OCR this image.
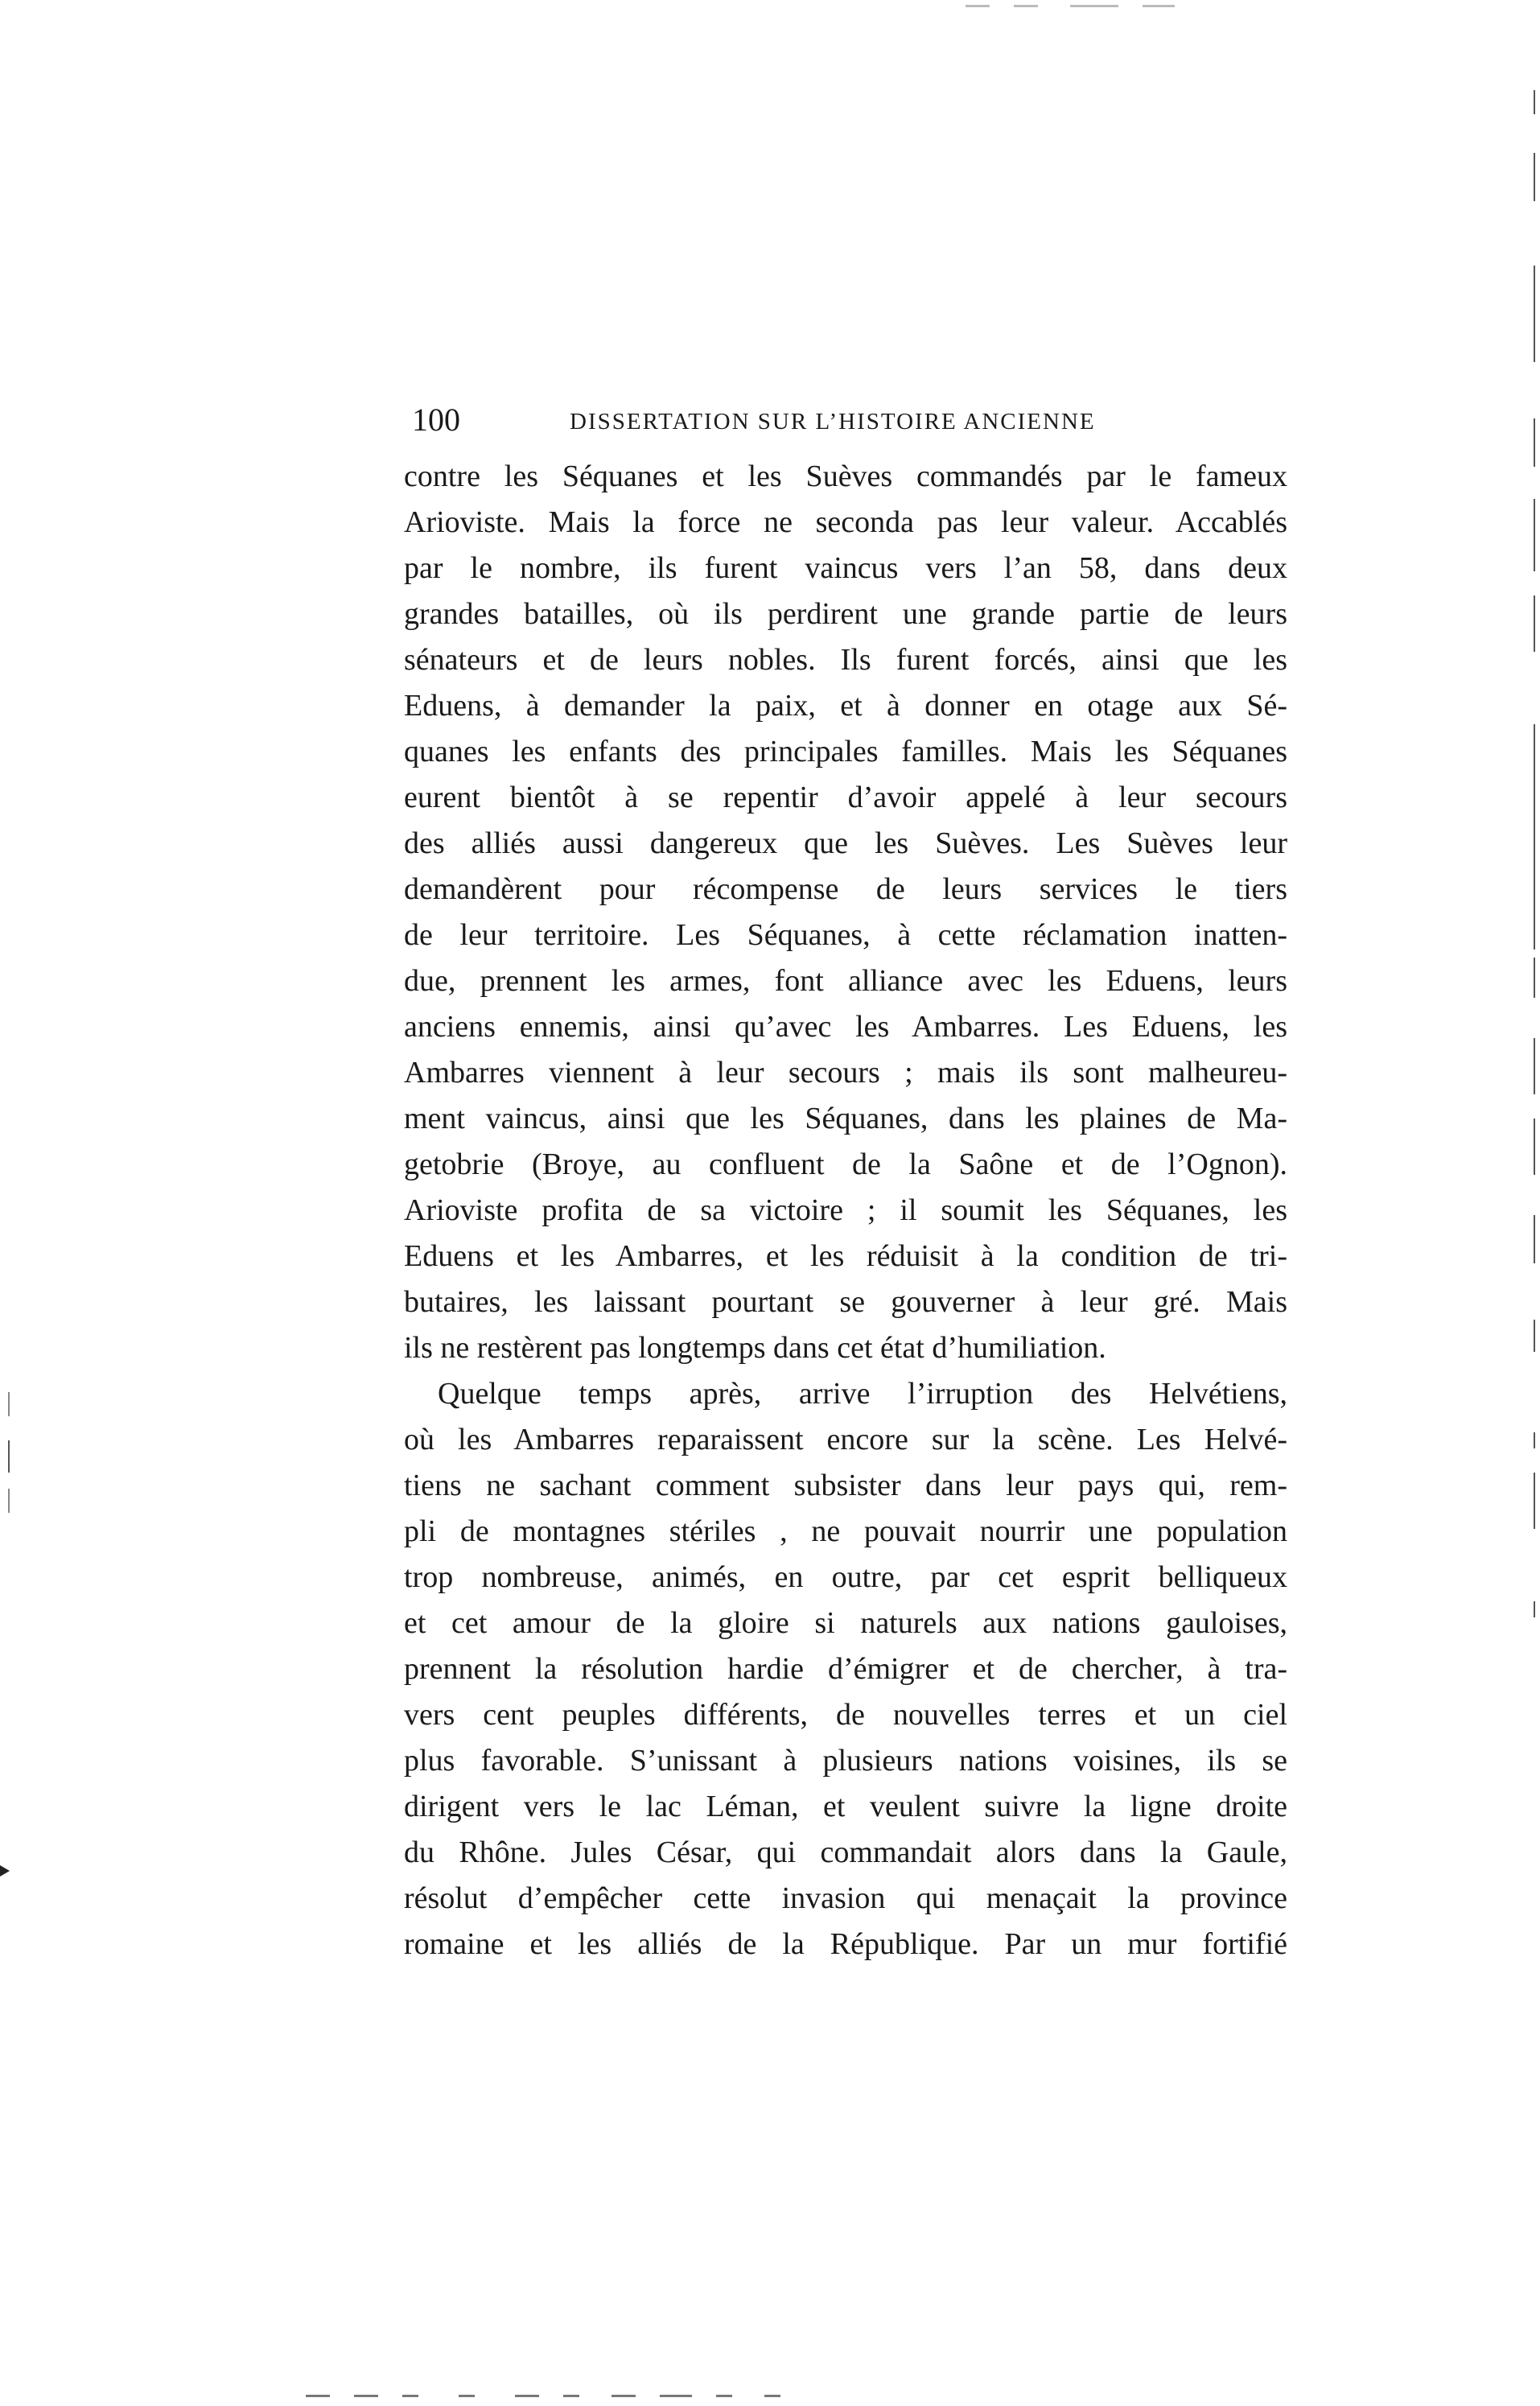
100	DISSERTATION SUR L’HISTOIRE ANCIENNE
contre les Séquanes et les Suèves commandés par le fameux
Arioviste. Mais la force ne seconda pas leur valeur. Accablés
par le nombre, ils furent vaincus vers l’an 58, dans deux
grandes batailles, où ils perdirent une grande partie de leurs
sénateurs et de leurs nobles. Ils furent forcés, ainsi que les
Eduens, à demander la paix, et à donner en otage aux Sé-
quanes les enfants des principales familles. Mais les Séquanes
eurent bientôt à se repentir d’avoir appelé à leur secours
des alliés aussi dangereux que les Suèves. Les Suèves leur
demandèrent pour récompense de leurs services le tiers
de leur territoire. Les Séquanes, à cette réclamation inatten-
due, prennent les armes, font alliance avec les Eduens, leurs
anciens ennemis, ainsi qu’avec les Ambarres. Les Eduens, les
Ambarres viennent à leur secours ; mais ils sont malheureu-
ment vaincus, ainsi que les Séquanes, dans les plaines de Ma-
getobrie (Broye, au confluent de la Saône et de l’Ognon).
Arioviste profita de sa victoire ; il soumit les Séquanes, les
Eduens et les Ambarres, et les réduisit à la condition de tri-
butaires, les laissant pourtant se gouverner à leur gré. Mais
ils ne restèrent pas longtemps dans cet état d’humiliation.
Quelque temps après, arrive l’irruption des Helvétiens,
où les Ambarres reparaissent encore sur la scène. Les Helvé-
tiens ne sachant comment subsister dans leur pays qui, rem-
pli de montagnes stériles , ne pouvait nourrir une population
trop nombreuse, animés, en outre, par cet esprit belliqueux
et cet amour de la gloire si naturels aux nations gauloises,
prennent la résolution hardie d’émigrer et de chercher, à tra-
vers cent peuples différents, de nouvelles terres et un ciel
plus favorable. S’unissant à plusieurs nations voisines, ils se
dirigent vers le lac Léman, et veulent suivre la ligne droite
du Rhône. Jules César, qui commandait alors dans la Gaule,
résolut d’empêcher cette invasion qui menaçait la province
romaine et les alliés de la République. Par un mur fortifié
